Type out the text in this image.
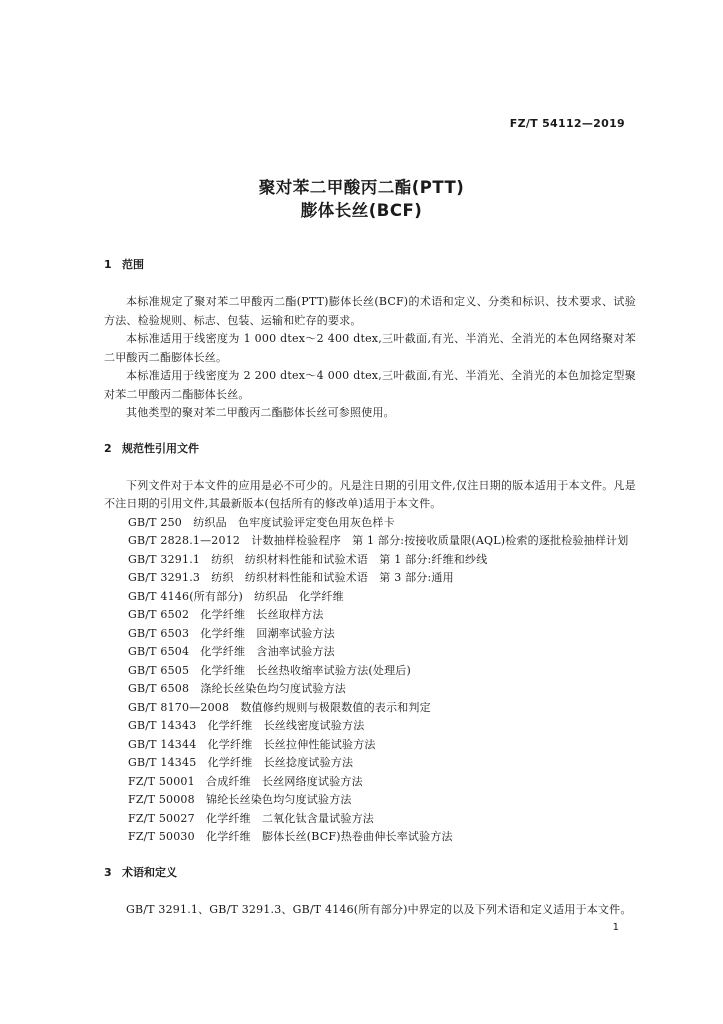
FZ/T 54112—2019
聚对苯二甲酸丙二酯(PTT)
膨体长丝(BCF)
1 范围
本标准规定了聚对苯二甲酸丙二酯(PTT)膨体长丝(BCF)的术语和定义、分类和标识、技术要求、试验方法、检验规则、标志、包装、运输和贮存的要求。
本标准适用于线密度为 1 000 dtex～2 400 dtex,三叶截面,有光、半消光、全消光的本色网络聚对苯二甲酸丙二酯膨体长丝。
本标准适用于线密度为 2 200 dtex～4 000 dtex,三叶截面,有光、半消光、全消光的本色加捻定型聚对苯二甲酸丙二酯膨体长丝。
其他类型的聚对苯二甲酸丙二酯膨体长丝可参照使用。
2 规范性引用文件
下列文件对于本文件的应用是必不可少的。凡是注日期的引用文件,仅注日期的版本适用于本文件。凡是不注日期的引用文件,其最新版本(包括所有的修改单)适用于本文件。
GB/T 250　纺织品　色牢度试验评定变色用灰色样卡
GB/T 2828.1—2012　计数抽样检验程序　第 1 部分:按接收质量限(AQL)检索的逐批检验抽样计划
GB/T 3291.1　纺织　纺织材料性能和试验术语　第 1 部分:纤维和纱线
GB/T 3291.3　纺织　纺织材料性能和试验术语　第 3 部分:通用
GB/T 4146(所有部分)　纺织品　化学纤维
GB/T 6502　化学纤维　长丝取样方法
GB/T 6503　化学纤维　回潮率试验方法
GB/T 6504　化学纤维　含油率试验方法
GB/T 6505　化学纤维　长丝热收缩率试验方法(处理后)
GB/T 6508　涤纶长丝染色均匀度试验方法
GB/T 8170—2008　数值修约规则与极限数值的表示和判定
GB/T 14343　化学纤维　长丝线密度试验方法
GB/T 14344　化学纤维　长丝拉伸性能试验方法
GB/T 14345　化学纤维　长丝捻度试验方法
FZ/T 50001　合成纤维　长丝网络度试验方法
FZ/T 50008　锦纶长丝染色均匀度试验方法
FZ/T 50027　化学纤维　二氧化钛含量试验方法
FZ/T 50030　化学纤维　膨体长丝(BCF)热卷曲伸长率试验方法
3 术语和定义
GB/T 3291.1、GB/T 3291.3、GB/T 4146(所有部分)中界定的以及下列术语和定义适用于本文件。
1
